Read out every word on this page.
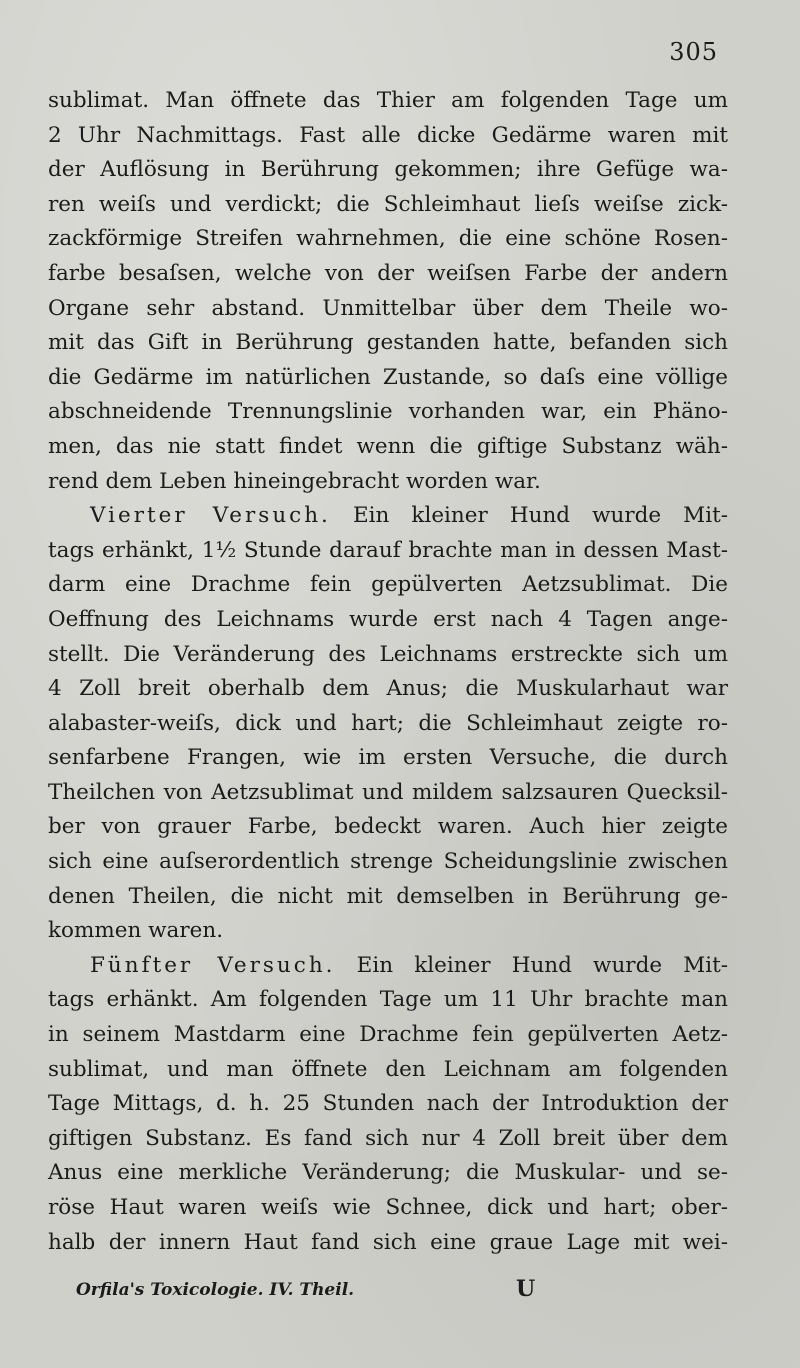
305
sublimat. Man öffnete das Thier am folgenden Tage um
2 Uhr Nachmittags. Fast alle dicke Gedärme waren mit
der Auflösung in Berührung gekommen; ihre Gefüge wa-
ren weiſs und verdickt; die Schleimhaut lieſs weiſse zick-
zackförmige Streifen wahrnehmen, die eine schöne Rosen-
farbe besaſsen, welche von der weiſsen Farbe der andern
Organe sehr abstand. Unmittelbar über dem Theile wo-
mit das Gift in Berührung gestanden hatte, befanden sich
die Gedärme im natürlichen Zustande, so daſs eine völlige
abschneidende Trennungslinie vorhanden war, ein Phäno-
men, das nie statt findet wenn die giftige Substanz wäh-
rend dem Leben hineingebracht worden war.
Vierter Versuch. Ein kleiner Hund wurde Mit-
tags erhänkt, 1½ Stunde darauf brachte man in dessen Mast-
darm eine Drachme fein gepülverten Aetzsublimat. Die
Oeffnung des Leichnams wurde erst nach 4 Tagen ange-
stellt. Die Veränderung des Leichnams erstreckte sich um
4 Zoll breit oberhalb dem Anus; die Muskularhaut war
alabaster-weiſs, dick und hart; die Schleimhaut zeigte ro-
senfarbene Frangen, wie im ersten Versuche, die durch
Theilchen von Aetzsublimat und mildem salzsauren Quecksil-
ber von grauer Farbe, bedeckt waren. Auch hier zeigte
sich eine auſserordentlich strenge Scheidungslinie zwischen
denen Theilen, die nicht mit demselben in Berührung ge-
kommen waren.
Fünfter Versuch. Ein kleiner Hund wurde Mit-
tags erhänkt. Am folgenden Tage um 11 Uhr brachte man
in seinem Mastdarm eine Drachme fein gepülverten Aetz-
sublimat, und man öffnete den Leichnam am folgenden
Tage Mittags, d. h. 25 Stunden nach der Introduktion der
giftigen Substanz. Es fand sich nur 4 Zoll breit über dem
Anus eine merkliche Veränderung; die Muskular- und se-
röse Haut waren weiſs wie Schnee, dick und hart; ober-
halb der innern Haut fand sich eine graue Lage mit wei-
Orfila's Toxicologie. IV. Theil.	U
